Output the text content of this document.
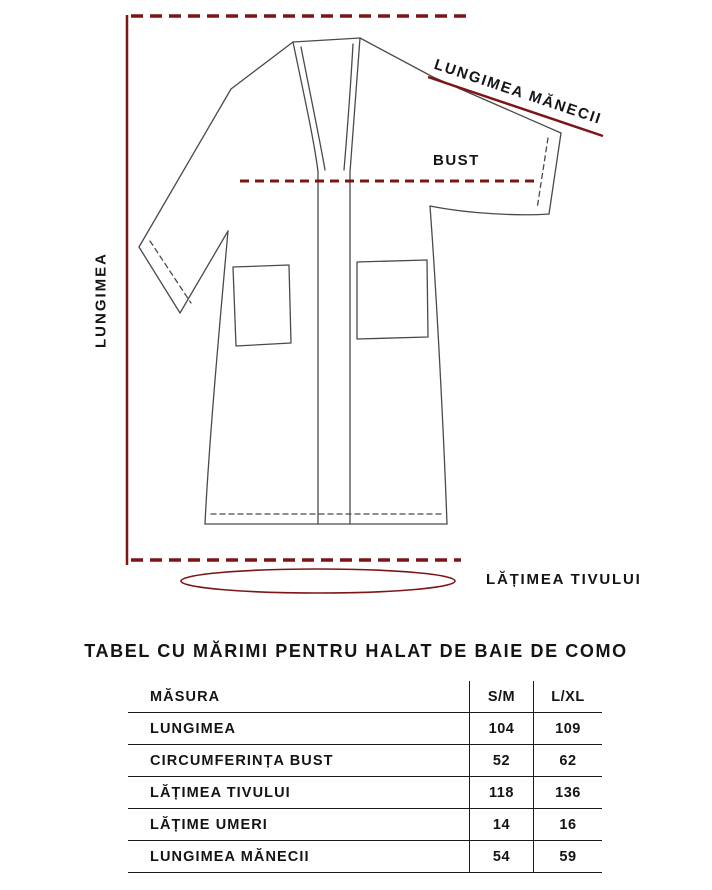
LUNGIMEA
LUNGIMEA MĂNECII
BUST
LĂȚIMEA TIVULUI
TABEL CU MĂRIMI PENTRU HALAT DE BAIE DE COMO
MĂSURA	S/M	L/XL
LUNGIMEA	104	109
CIRCUMFERINȚA BUST	52	62
LĂȚIMEA TIVULUI	118	136
LĂȚIME UMERI	14	16
LUNGIMEA MĂNECII	54	59
